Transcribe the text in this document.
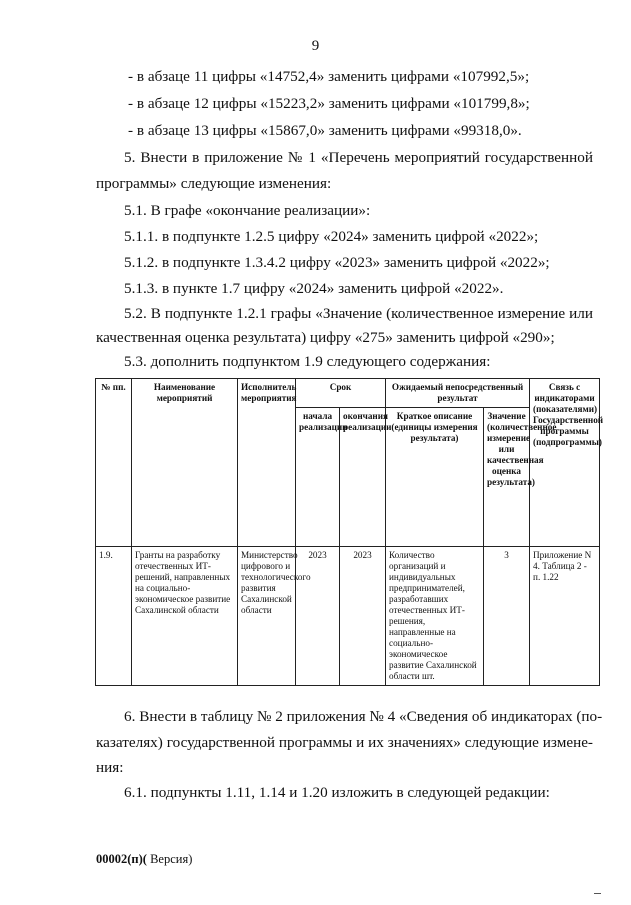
9
- в абзаце 11 цифры «14752,4» заменить цифрами «107992,5»;
- в абзаце 12 цифры «15223,2» заменить цифрами «101799,8»;
- в абзаце 13 цифры «15867,0» заменить цифрами «99318,0».
5. Внести в приложение № 1 «Перечень мероприятий государственной
программы» следующие изменения:
5.1. В графе «окончание реализации»:
5.1.1. в подпункте 1.2.5 цифру «2024» заменить цифрой «2022»;
5.1.2. в подпункте 1.3.4.2 цифру «2023» заменить цифрой «2022»;
5.1.3. в пункте 1.7 цифру «2024» заменить цифрой «2022».
5.2. В подпункте 1.2.1 графы «Значение (количественное измерение или
качественная оценка результата) цифру «275» заменить цифрой «290»;
5.3. дополнить подпунктом 1.9 следующего содержания:
№ пп.	Наименование мероприятий	Исполнитель мероприятия	Срок		Ожидаемый непосредственный результат		Связь с индикаторами (показателями) Государственной программы (подпрограммы)
			начала реализации	окончания реализации	Краткое описание (единицы измерения результата)	Значение (количественное измерение или качественная оценка результата)	
1.9.	Гранты на разработку отечественных ИТ-решений, направленных на социально-экономическое развитие Сахалинской области	Министерство цифрового и технологического развития Сахалинской области	2023	2023	Количество организаций и индивидуальных предпринимателей, разработавших отечественных ИТ-решения, направленные на социально-экономическое развитие Сахалинской области шт.	3	Приложение N 4. Таблица 2 - п. 1.22
6. Внести в таблицу № 2 приложения № 4 «Сведения об индикаторах (по-
казателях) государственной программы и их значениях» следующие измене-
ния:
6.1. подпункты 1.11, 1.14 и 1.20 изложить в следующей редакции:
00002(п)( Версия)
